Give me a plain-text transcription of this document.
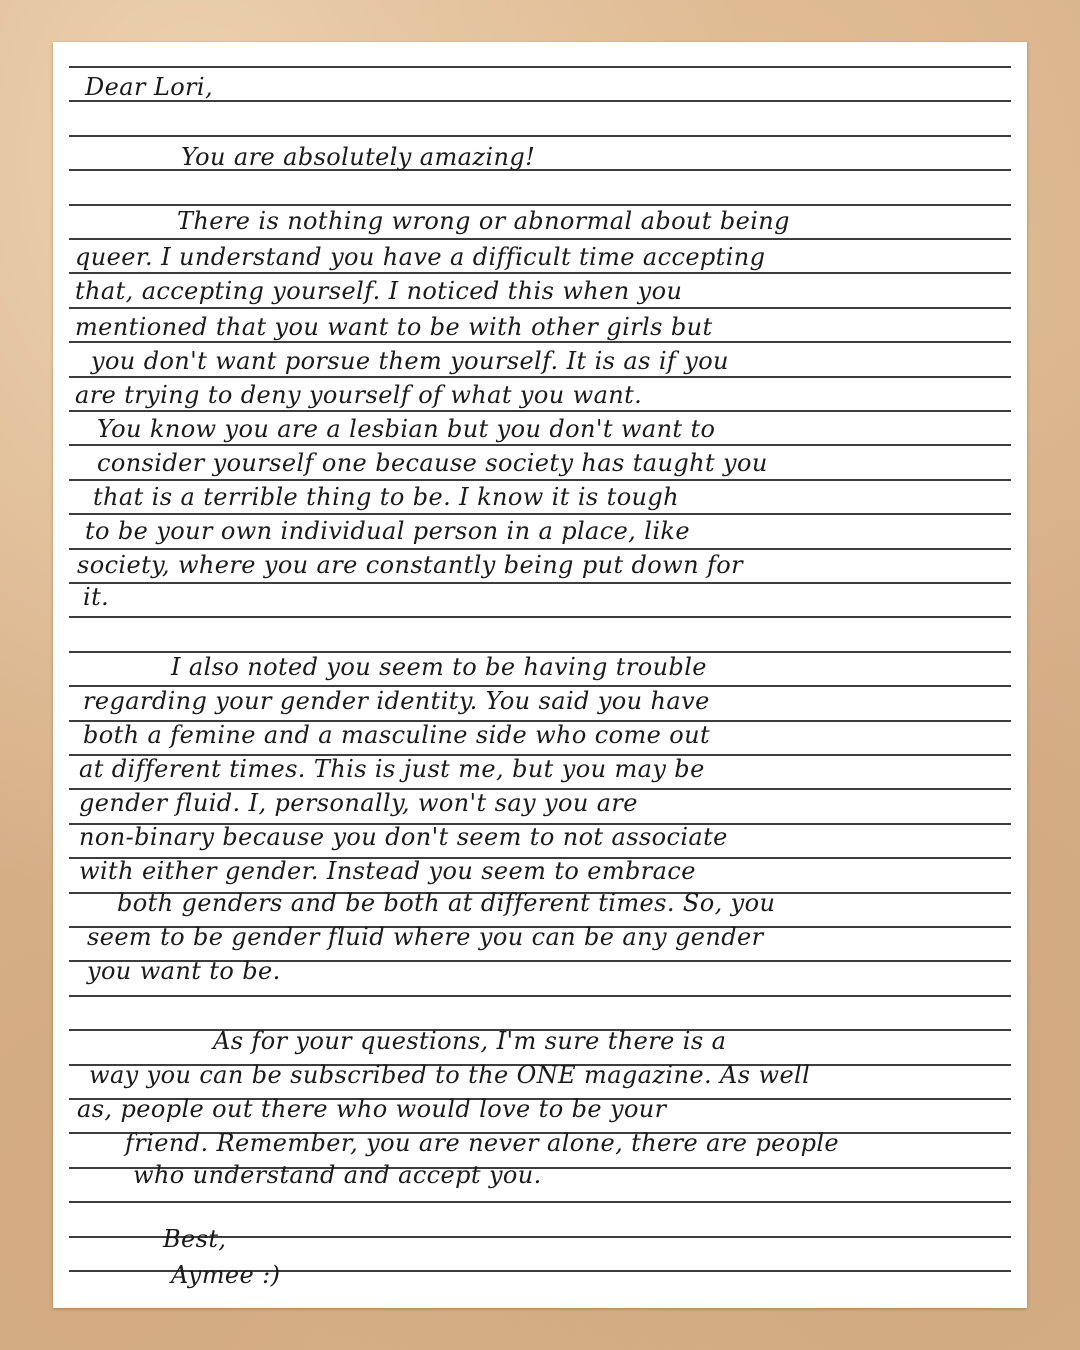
Dear Lori,
You are absolutely amazing!
There is nothing wrong or abnormal about being
queer. I understand you have a difficult time accepting
that, accepting yourself. I noticed this when you
mentioned that you want to be with other girls but
you don't want porsue them yourself. It is as if you
are trying to deny yourself of what you want.
You know you are a lesbian but you don't want to
consider yourself one because society has taught you
that is a terrible thing to be. I know it is tough
to be your own individual person in a place, like
society, where you are constantly being put down for
it.
I also noted you seem to be having trouble
regarding your gender identity. You said you have
both a femine and a masculine side who come out
at different times. This is just me, but you may be
gender fluid. I, personally, won't say you are
non-binary because you don't seem to not associate
with either gender. Instead you seem to embrace
both genders and be both at different times. So, you
seem to be gender fluid where you can be any gender
you want to be.
As for your questions, I'm sure there is a
way you can be subscribed to the ONE magazine. As well
as, people out there who would love to be your
friend. Remember, you are never alone, there are people
who understand and accept you.
Best,
Aymee :)
